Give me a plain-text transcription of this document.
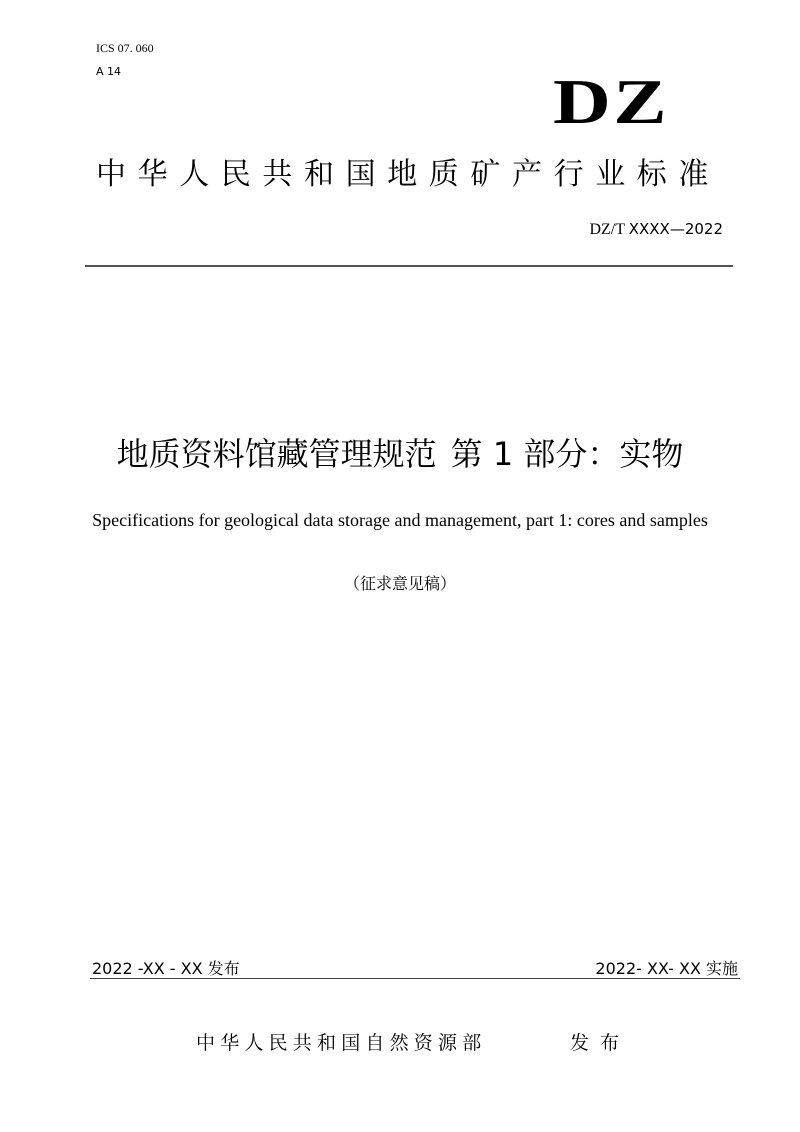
ICS 07. 060
A 14	DZ
中华人民共和国地质矿产行业标准
DZ/T XXXX—2022
地质资料馆藏管理规范 第 1 部分：实物
Specifications for geological data storage and management, part 1: cores and samples
（征求意见稿）
2022 -XX - XX 发布	2022- XX- XX 实施
中华人民共和国自然资源部	发布
